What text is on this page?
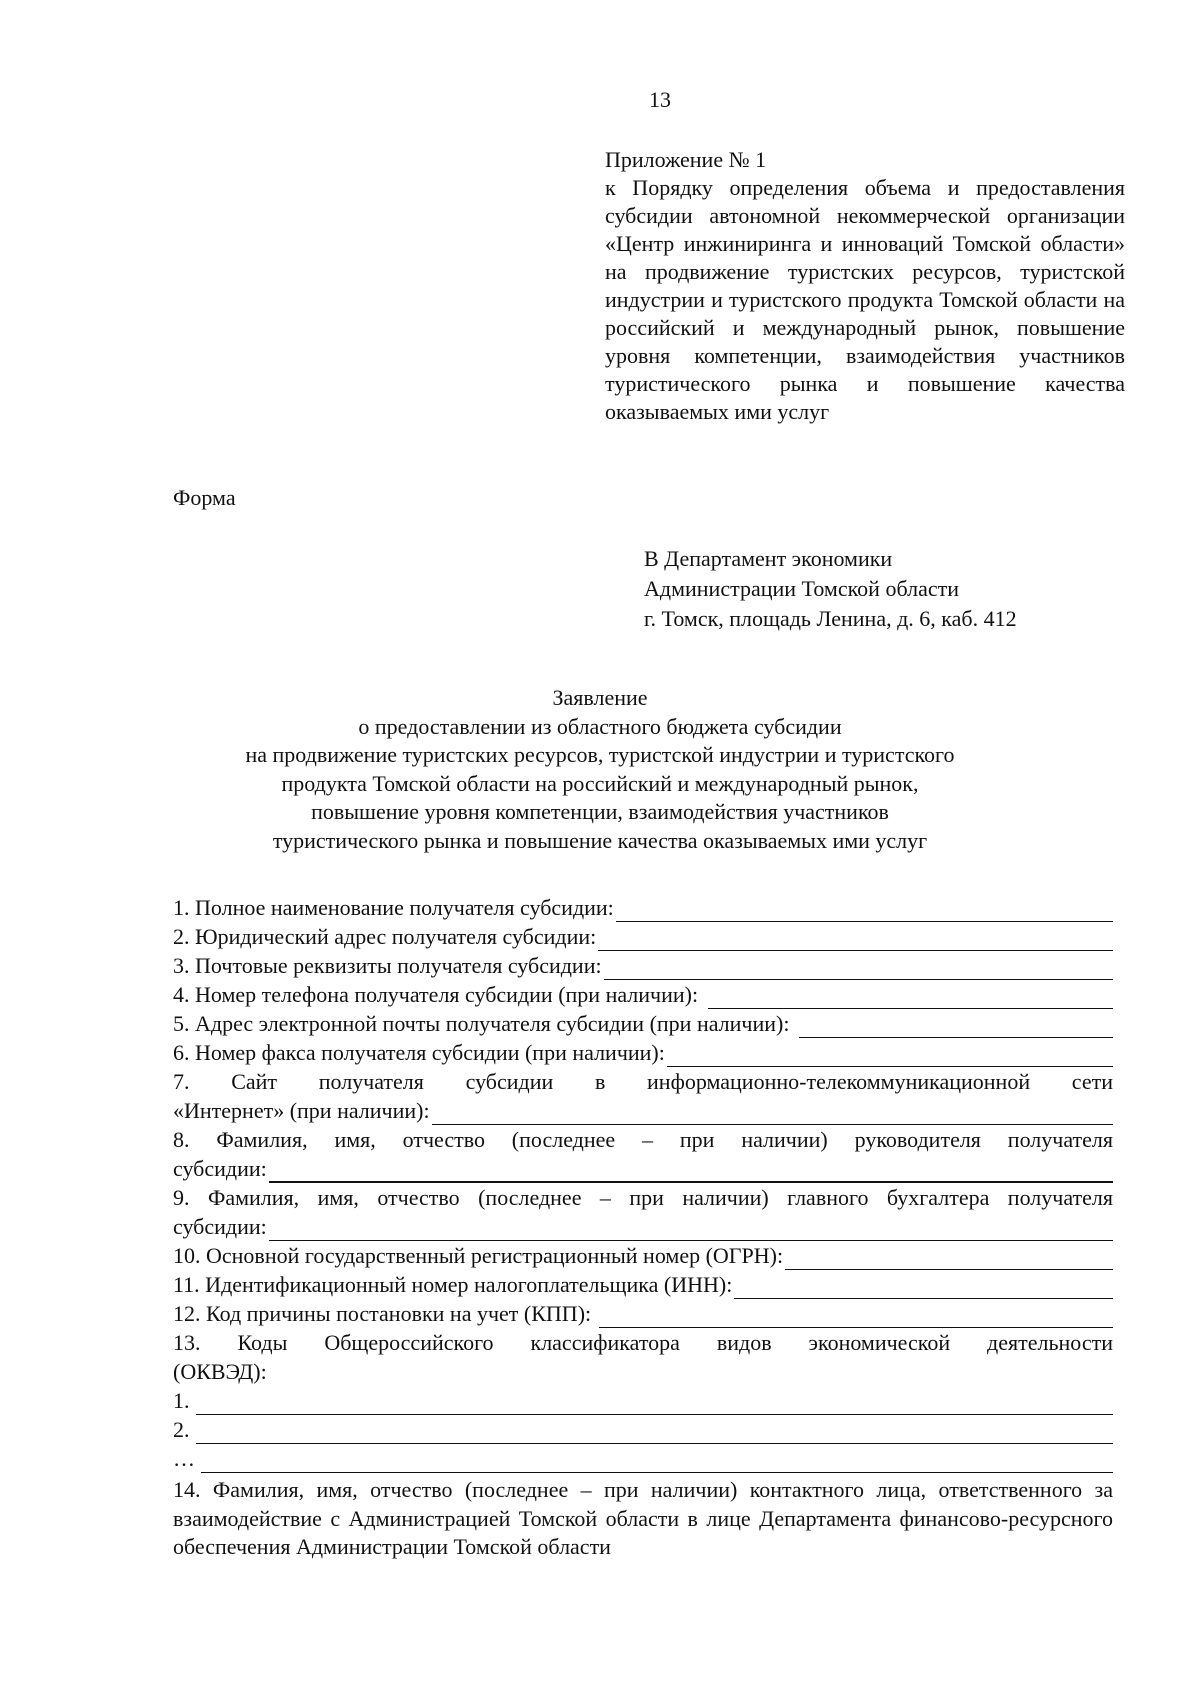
13
Приложение № 1
к Порядку определения объема и предоставления субсидии автономной некоммерческой организации «Центр инжиниринга и инноваций Томской области» на продвижение туристских ресурсов, туристской индустрии и туристского продукта Томской области на российский и международный рынок, повышение уровня компетенции, взаимодействия участников туристического рынка и повышение качества оказываемых ими услуг
Форма
В Департамент экономики
Администрации Томской области
г. Томск, площадь Ленина, д. 6, каб. 412
Заявление
о предоставлении из областного бюджета субсидии
на продвижение туристских ресурсов, туристской индустрии и туристского
продукта Томской области на российский и международный рынок,
повышение уровня компетенции, взаимодействия участников
туристического рынка и повышение качества оказываемых ими услуг
1. Полное наименование получателя субсидии:
2. Юридический адрес получателя субсидии:
3. Почтовые реквизиты получателя субсидии:
4. Номер телефона получателя субсидии (при наличии):
5. Адрес электронной почты получателя субсидии (при наличии):
6. Номер факса получателя субсидии (при наличии):
7. Сайт получателя субсидии в информационно-телекоммуникационной сети
«Интернет» (при наличии):
8. Фамилия, имя, отчество (последнее – при наличии) руководителя получателя
субсидии:
9. Фамилия, имя, отчество (последнее – при наличии) главного бухгалтера получателя
субсидии:
10. Основной государственный регистрационный номер (ОГРН):
11. Идентификационный номер налогоплательщика (ИНН):
12. Код причины постановки на учет (КПП):
13. Коды Общероссийского классификатора видов экономической деятельности
(ОКВЭД):
1.
2.
…
14. Фамилия, имя, отчество (последнее – при наличии) контактного лица, ответственного за взаимодействие с Администрацией Томской области в лице Департамента финансово-ресурсного обеспечения Администрации Томской области
